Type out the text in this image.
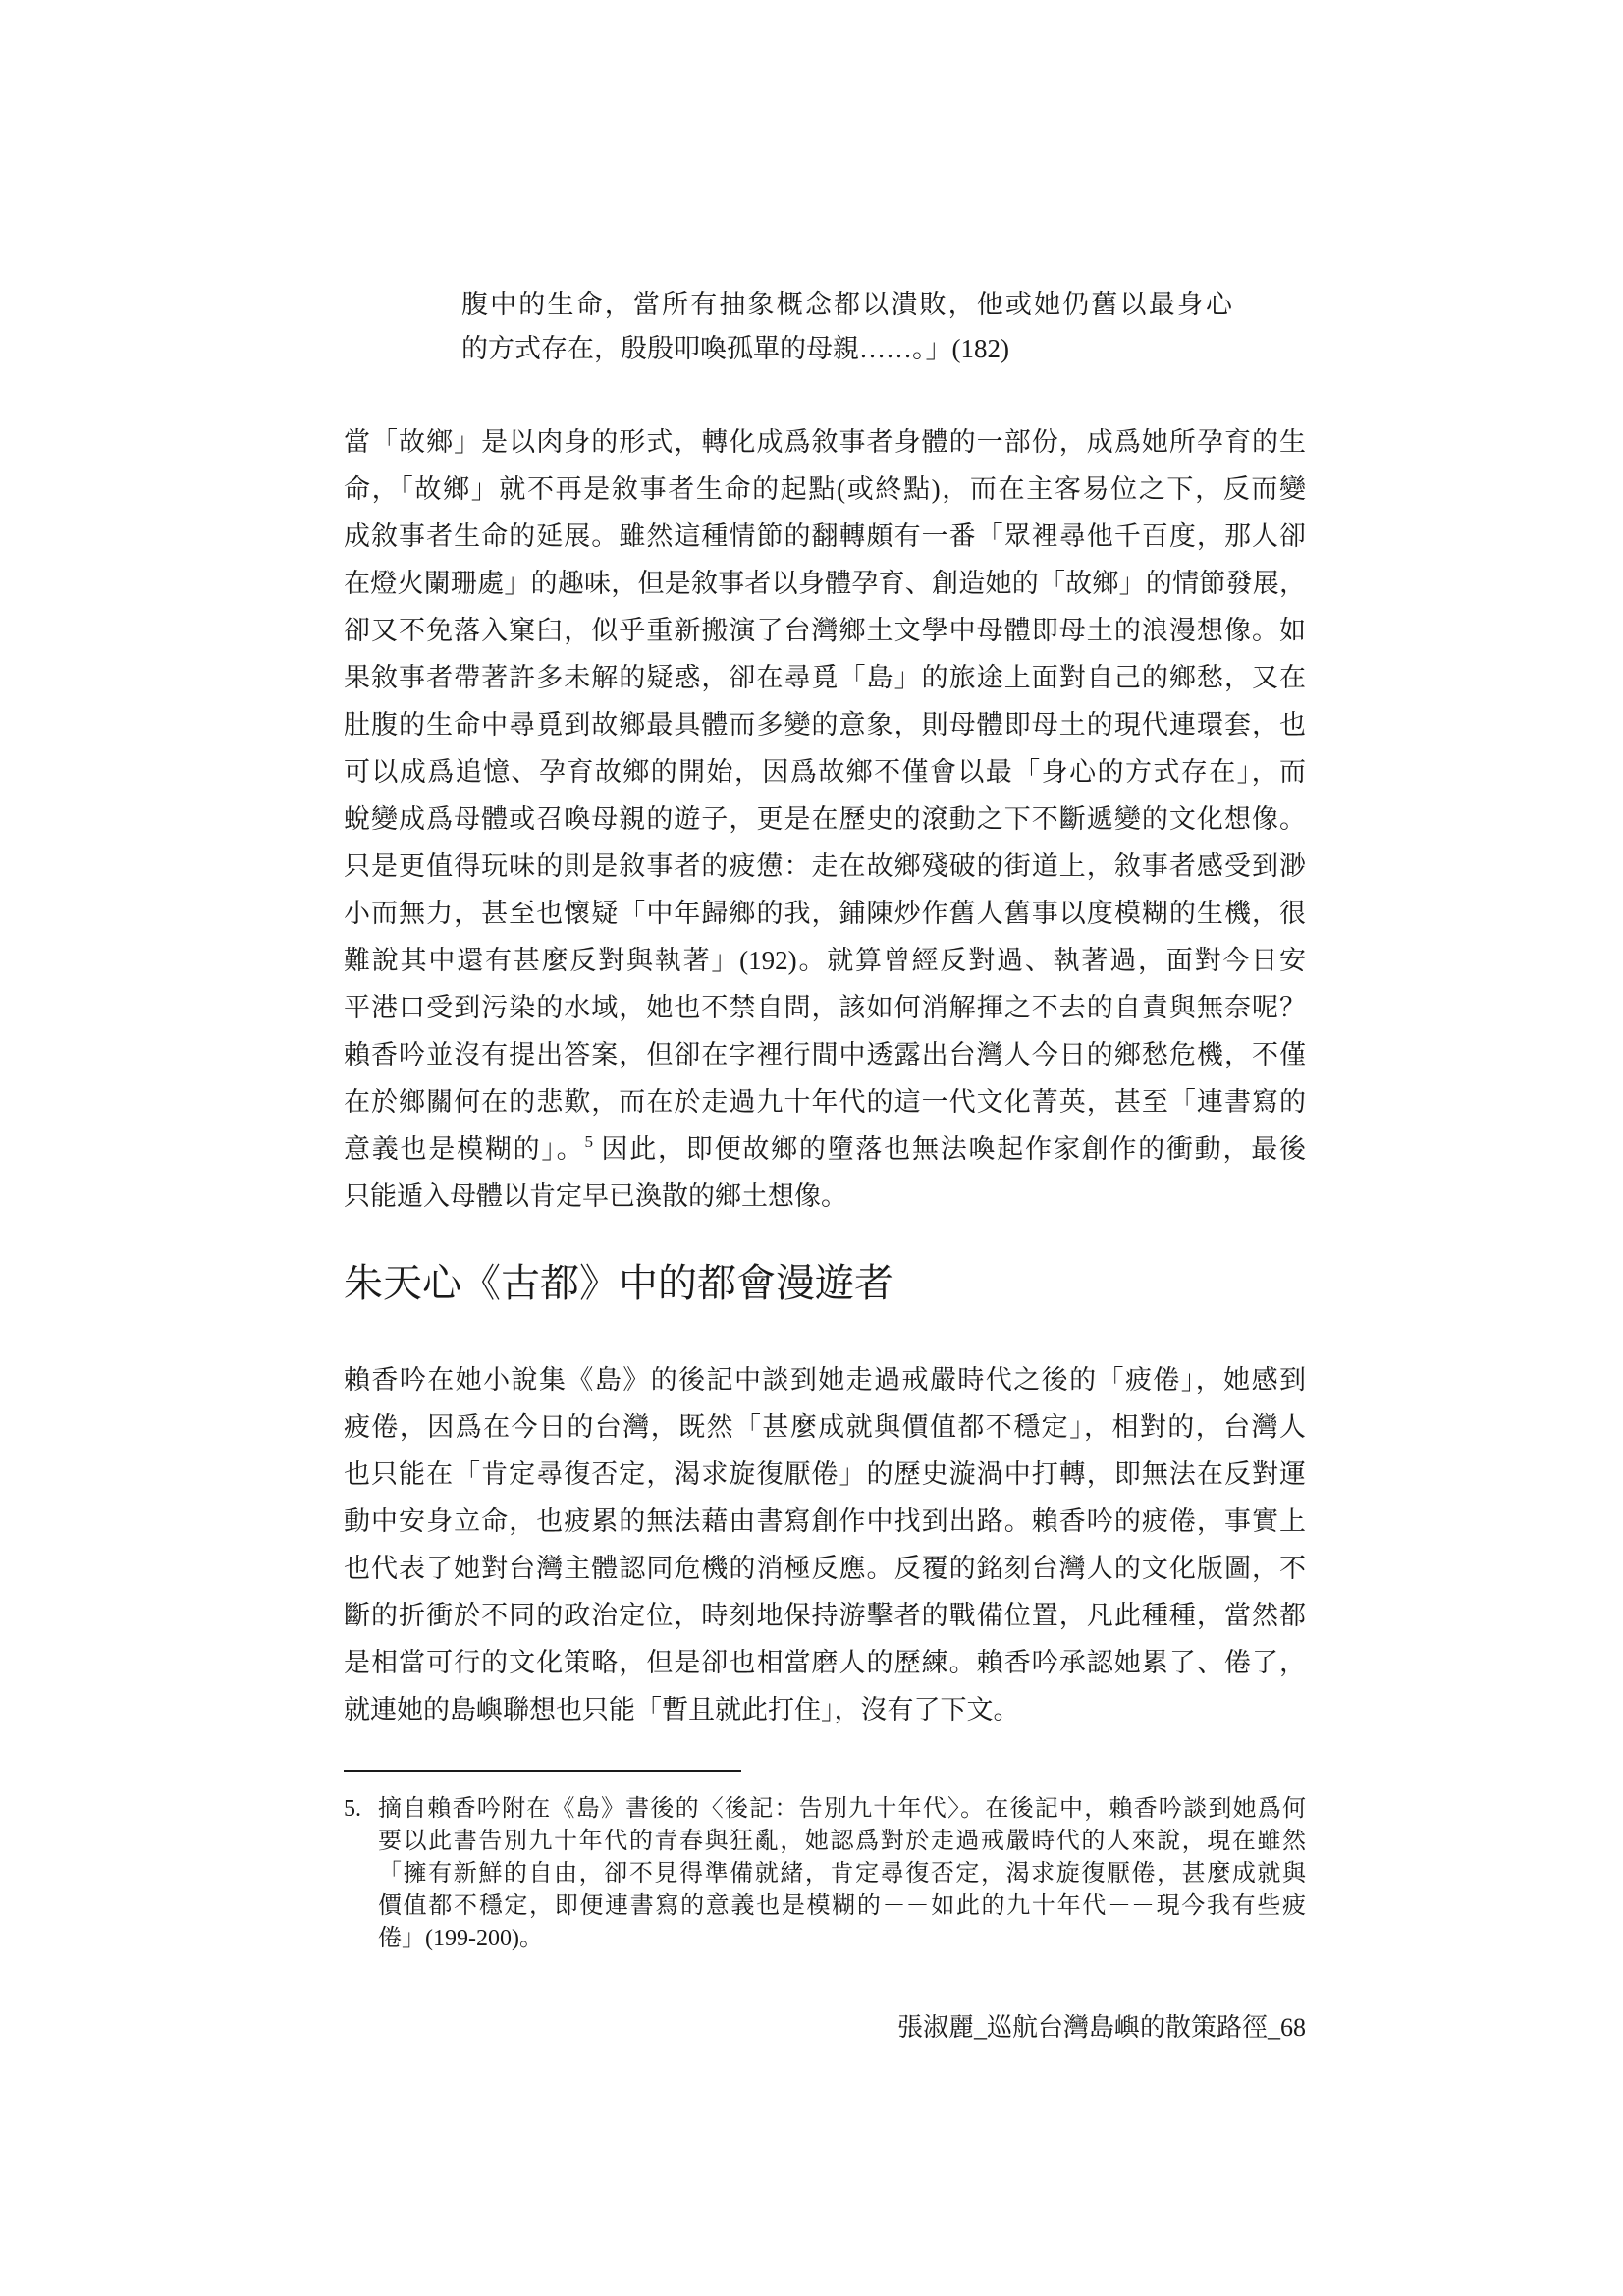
腹中的生命，當所有抽象概念都以潰敗，他或她仍舊以最身心
的方式存在，殷殷叩喚孤單的母親……。」(182)
當「故鄉」是以肉身的形式，轉化成爲敘事者身體的一部份，成爲她所孕育的生
命，「故鄉」就不再是敘事者生命的起點(或終點)，而在主客易位之下，反而變
成敘事者生命的延展。雖然這種情節的翻轉頗有一番「眾裡尋他千百度，那人卻
在燈火闌珊處」的趣味，但是敘事者以身體孕育、創造她的「故鄉」的情節發展，
卻又不免落入窠臼，似乎重新搬演了台灣鄉土文學中母體即母土的浪漫想像。如
果敘事者帶著許多未解的疑惑，卻在尋覓「島」的旅途上面對自己的鄉愁，又在
肚腹的生命中尋覓到故鄉最具體而多變的意象，則母體即母土的現代連環套，也
可以成爲追憶、孕育故鄉的開始，因爲故鄉不僅會以最「身心的方式存在」，而
蛻變成爲母體或召喚母親的遊子，更是在歷史的滾動之下不斷遞變的文化想像。
只是更值得玩味的則是敘事者的疲憊：走在故鄉殘破的街道上，敘事者感受到渺
小而無力，甚至也懷疑「中年歸鄉的我，鋪陳炒作舊人舊事以度模糊的生機，很
難說其中還有甚麼反對與執著」(192)。就算曾經反對過、執著過，面對今日安
平港口受到污染的水域，她也不禁自問，該如何消解揮之不去的自責與無奈呢？
賴香吟並沒有提出答案，但卻在字裡行間中透露出台灣人今日的鄉愁危機，不僅
在於鄉關何在的悲歎，而在於走過九十年代的這一代文化菁英，甚至「連書寫的
意義也是模糊的」。$^5$ 因此，即便故鄉的墮落也無法喚起作家創作的衝動，最後
只能遁入母體以肯定早已渙散的鄉土想像。
朱天心《古都》中的都會漫遊者
賴香吟在她小說集《島》的後記中談到她走過戒嚴時代之後的「疲倦」，她感到
疲倦，因爲在今日的台灣，既然「甚麼成就與價值都不穩定」，相對的，台灣人
也只能在「肯定尋復否定，渴求旋復厭倦」的歷史漩渦中打轉，即無法在反對運
動中安身立命，也疲累的無法藉由書寫創作中找到出路。賴香吟的疲倦，事實上
也代表了她對台灣主體認同危機的消極反應。反覆的銘刻台灣人的文化版圖，不
斷的折衝於不同的政治定位，時刻地保持游擊者的戰備位置，凡此種種，當然都
是相當可行的文化策略，但是卻也相當磨人的歷練。賴香吟承認她累了、倦了，
就連她的島嶼聯想也只能「暫且就此打住」，沒有了下文。
5. 摘自賴香吟附在《島》書後的〈後記：告別九十年代〉。在後記中，賴香吟談到她爲何
要以此書告別九十年代的青春與狂亂，她認爲對於走過戒嚴時代的人來說，現在雖然
「擁有新鮮的自由，卻不見得準備就緒，肯定尋復否定，渴求旋復厭倦，甚麼成就與
價值都不穩定，即便連書寫的意義也是模糊的－－如此的九十年代－－現今我有些疲
倦」(199-200)。
張淑麗_巡航台灣島嶼的散策路徑_68
